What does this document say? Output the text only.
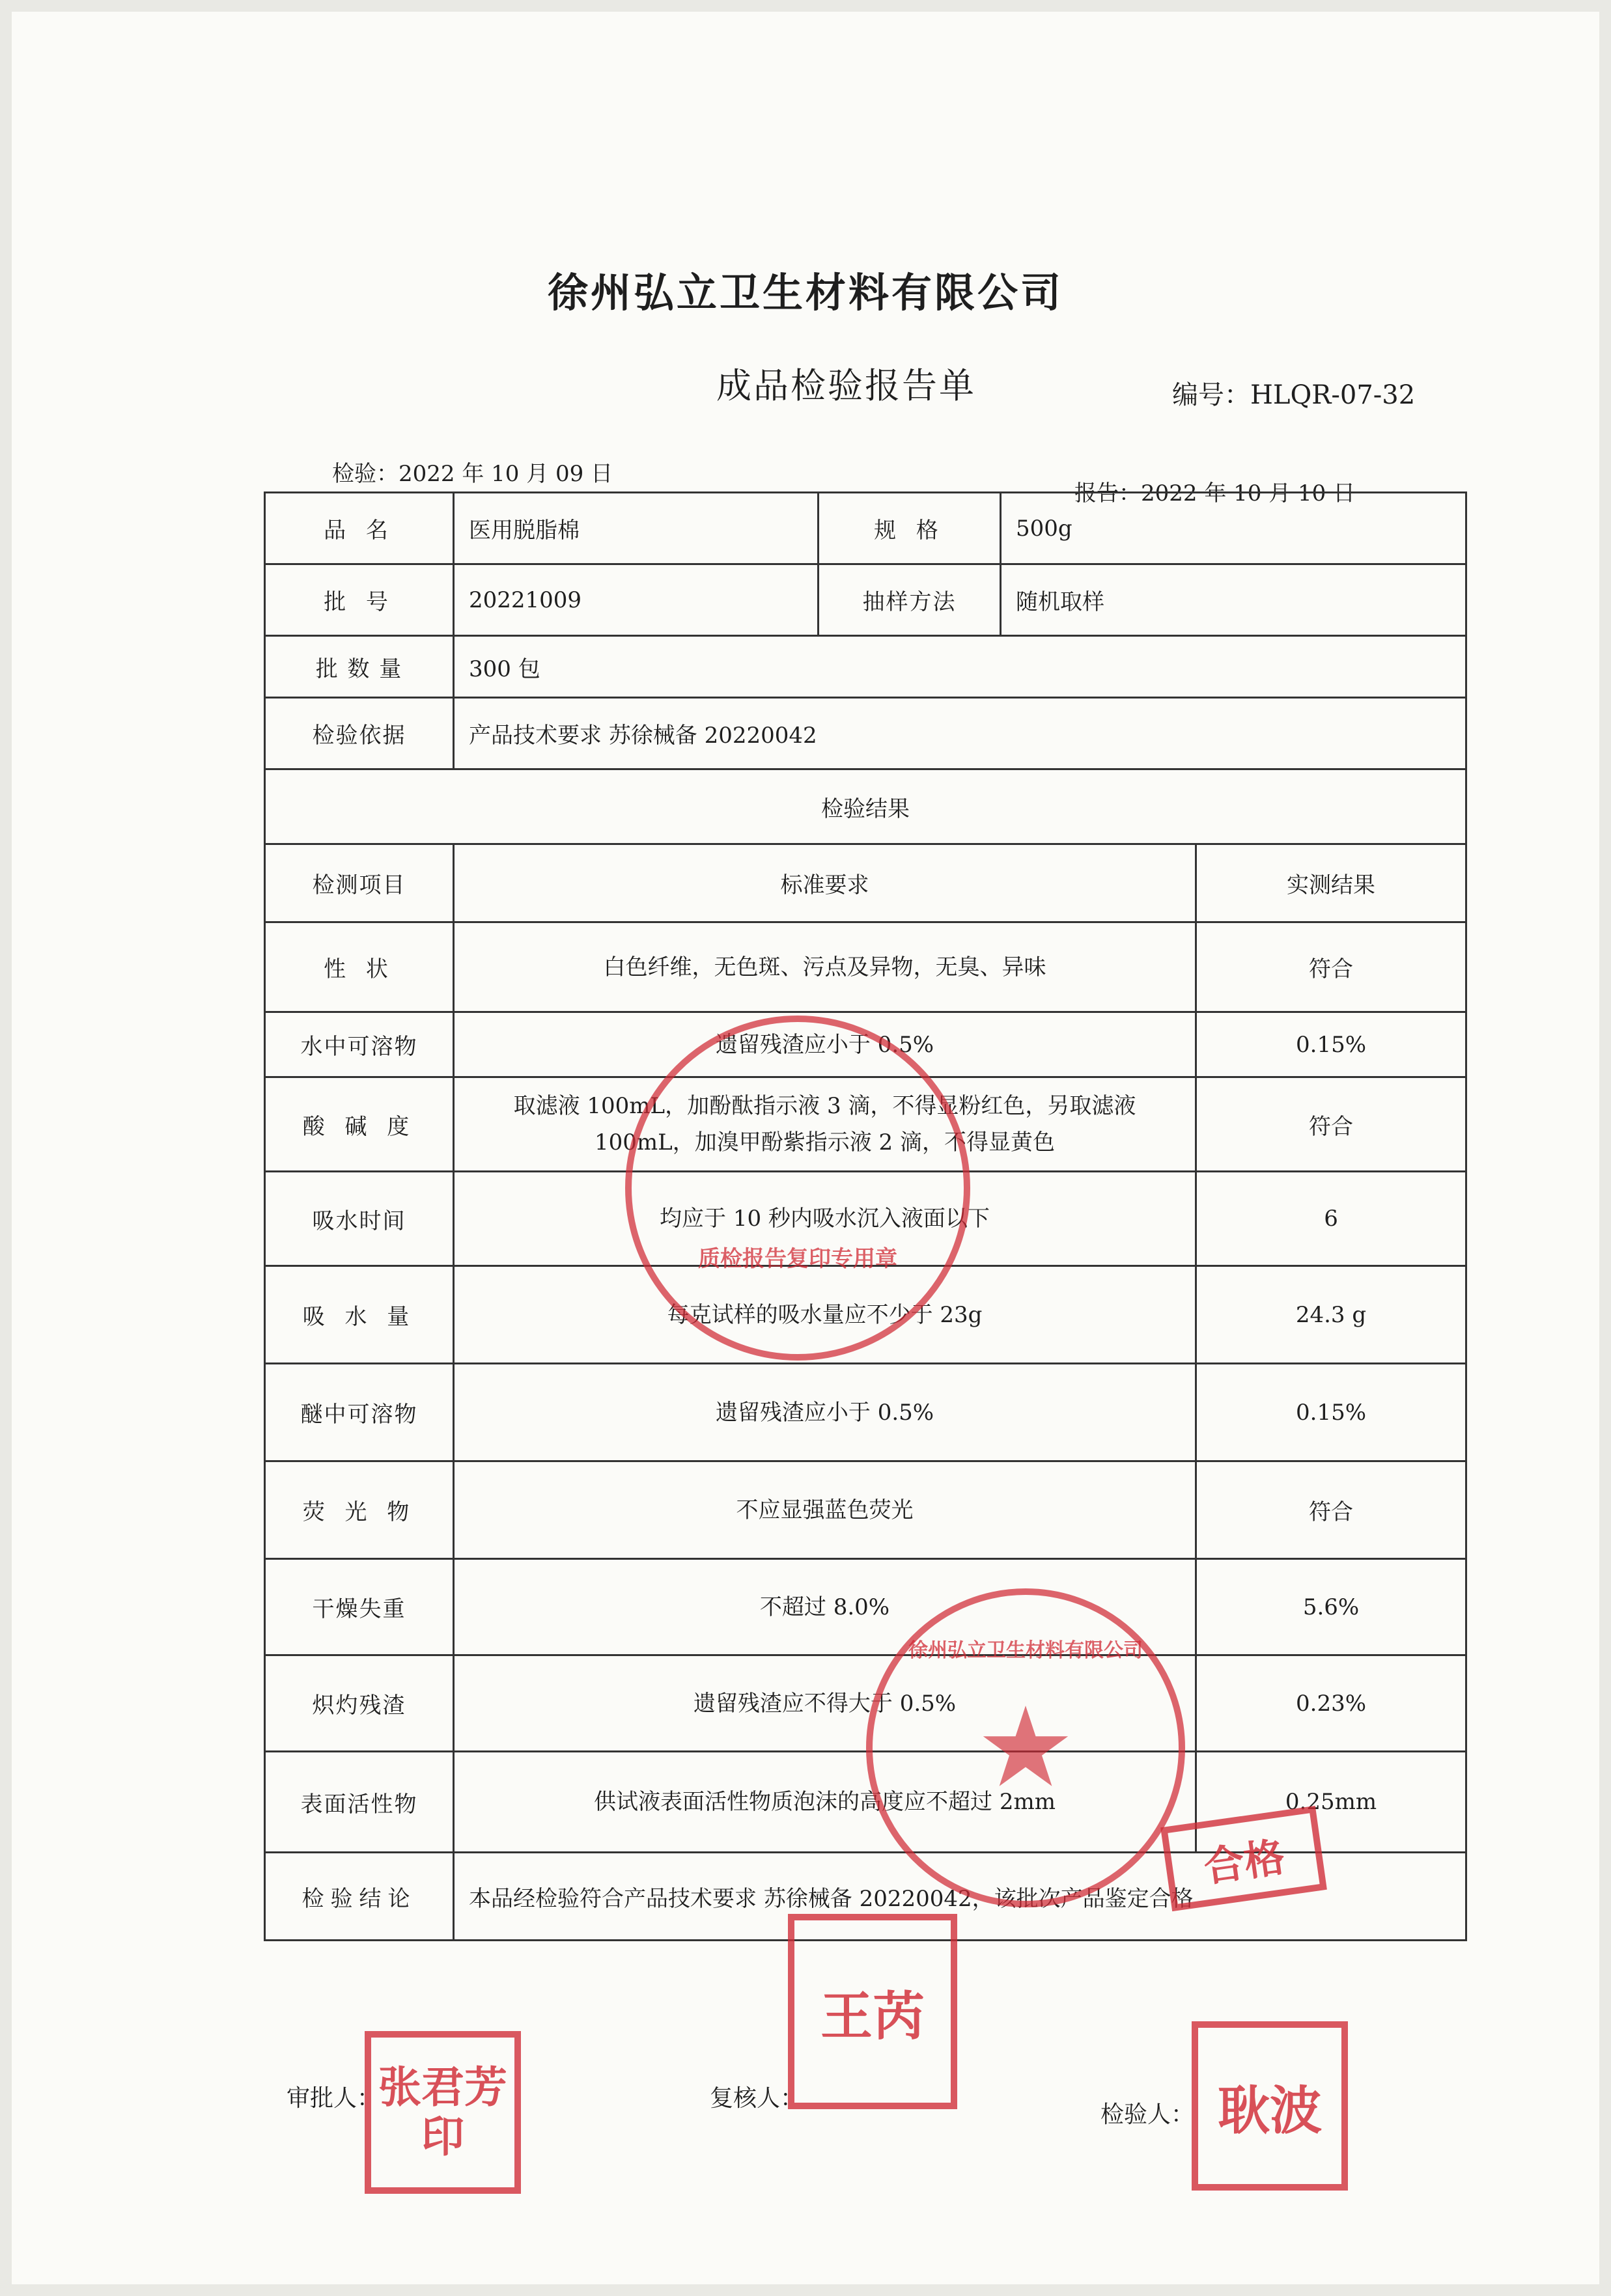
徐州弘立卫生材料有限公司
成品检验报告单	编号：HLQR-07-32
检验：2022 年 10 月 09 日
报告：2022 年 10 月 10 日
品 名	医用脱脂棉	规 格	500g	
批 号	20221009	抽样方法	随机取样	
批 数 量	300 包			
检验依据	产品技术要求 苏徐械备 20220042			
检验结果				
检测项目	标准要求			实测结果
性 状	白色纤维，无色斑、污点及异物，无臭、异味			符合
水中可溶物	遗留残渣应小于 0.5%			0.15%
酸 碱 度	取滤液 100mL，加酚酞指示液 3 滴，不得显粉红色，另取滤液 100mL，加溴甲酚紫指示液 2 滴，不得显黄色			符合
吸水时间	均应于 10 秒内吸水沉入液面以下			6
吸 水 量	每克试样的吸水量应不少于 23g			24.3 g
醚中可溶物	遗留残渣应小于 0.5%			0.15%
荧 光 物	不应显强蓝色荧光			符合
干燥失重	不超过 8.0%			5.6%
炽灼残渣	遗留残渣应不得大于 0.5%			0.23%
表面活性物	供试液表面活性物质泡沫的高度应不超过 2mm			0.25mm
检验结论	本品经检验符合产品技术要求 苏徐械备 20220042，该批次产品鉴定合格			
审批人：	复核人：
检验人：
质检报告复印专用章
★
徐州弘立卫生材料有限公司
合格
张君芳印
王芮
耿波
